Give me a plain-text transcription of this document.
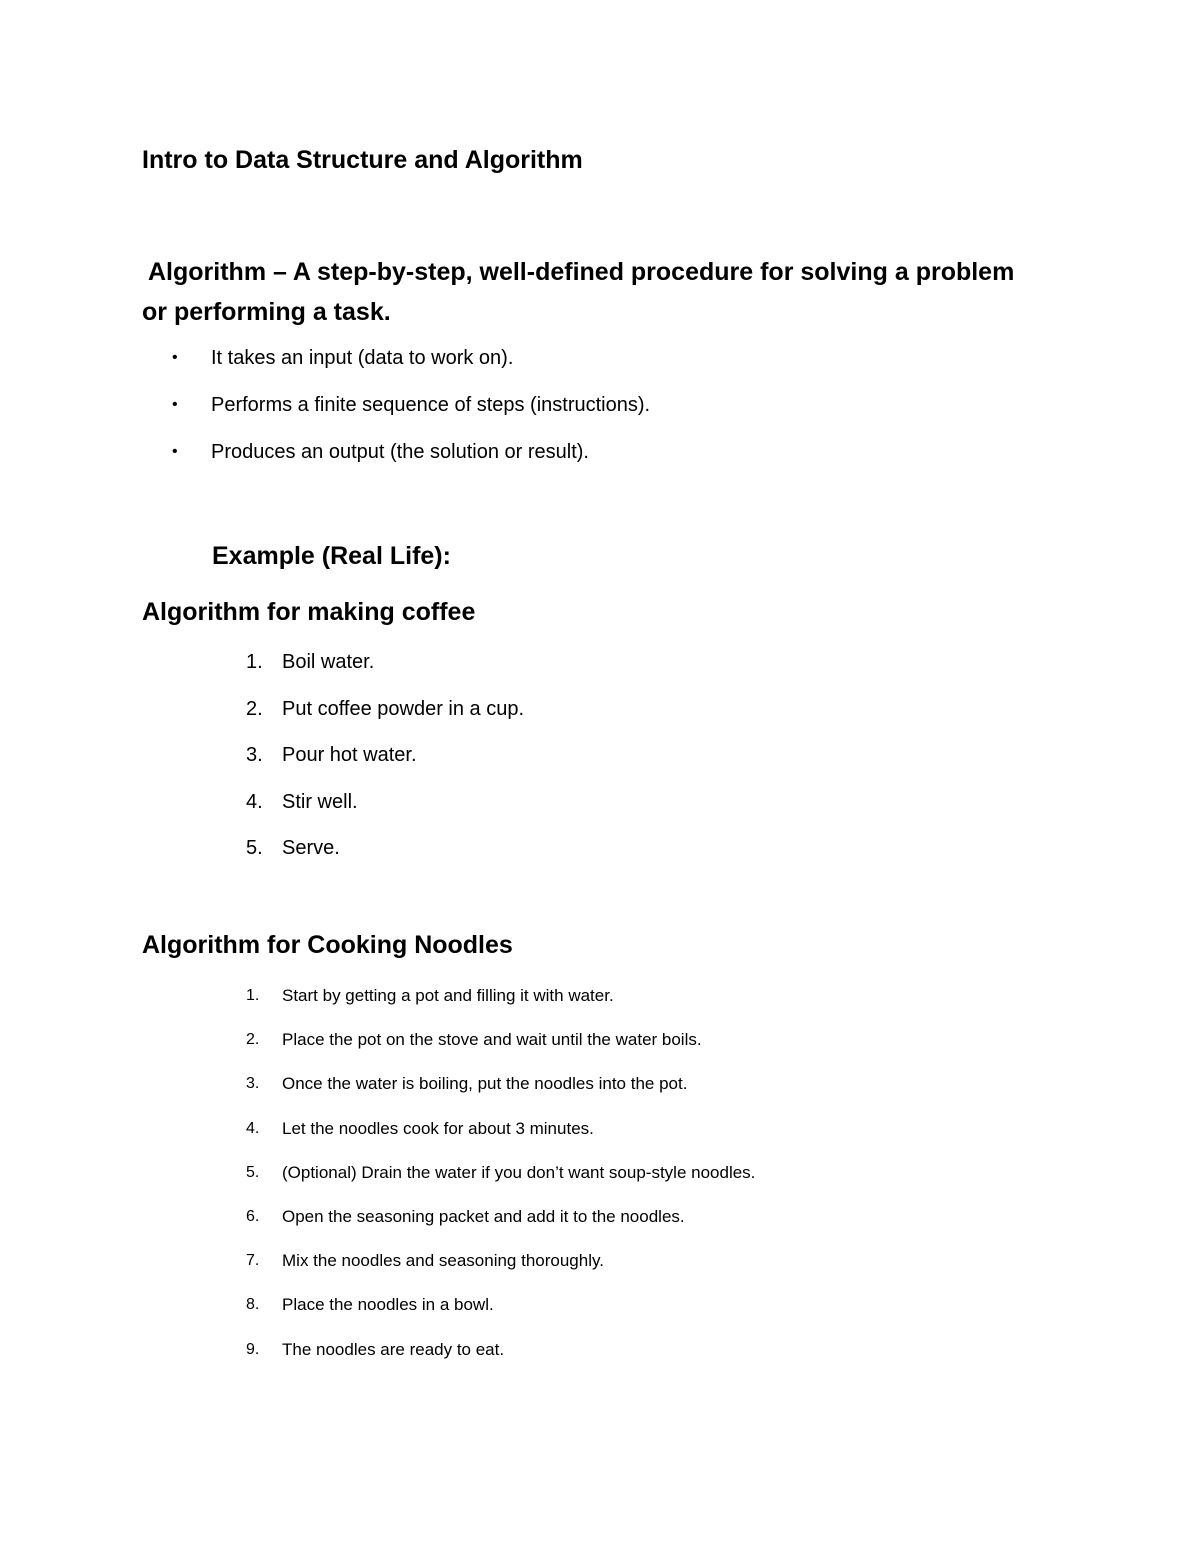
Intro to Data Structure and Algorithm

Algorithm – A step-by-step, well-defined procedure for solving a problem
or performing a task.

•	It takes an input (data to work on).
•	Performs a finite sequence of steps (instructions).
•	Produces an output (the solution or result).
Example (Real Life):
Algorithm for making coffee
1. Boil water.
2. Put coffee powder in a cup.
3. Pour hot water.
4. Stir well.
5. Serve.
Algorithm for Cooking Noodles
1.	Start by getting a pot and filling it with water.
2.	Place the pot on the stove and wait until the water boils.
3.	Once the water is boiling, put the noodles into the pot.
4.	Let the noodles cook for about 3 minutes.
5.	(Optional) Drain the water if you don’t want soup-style noodles.
6.	Open the seasoning packet and add it to the noodles.
7.	Mix the noodles and seasoning thoroughly.
8.	Place the noodles in a bowl.
9.	The noodles are ready to eat.
